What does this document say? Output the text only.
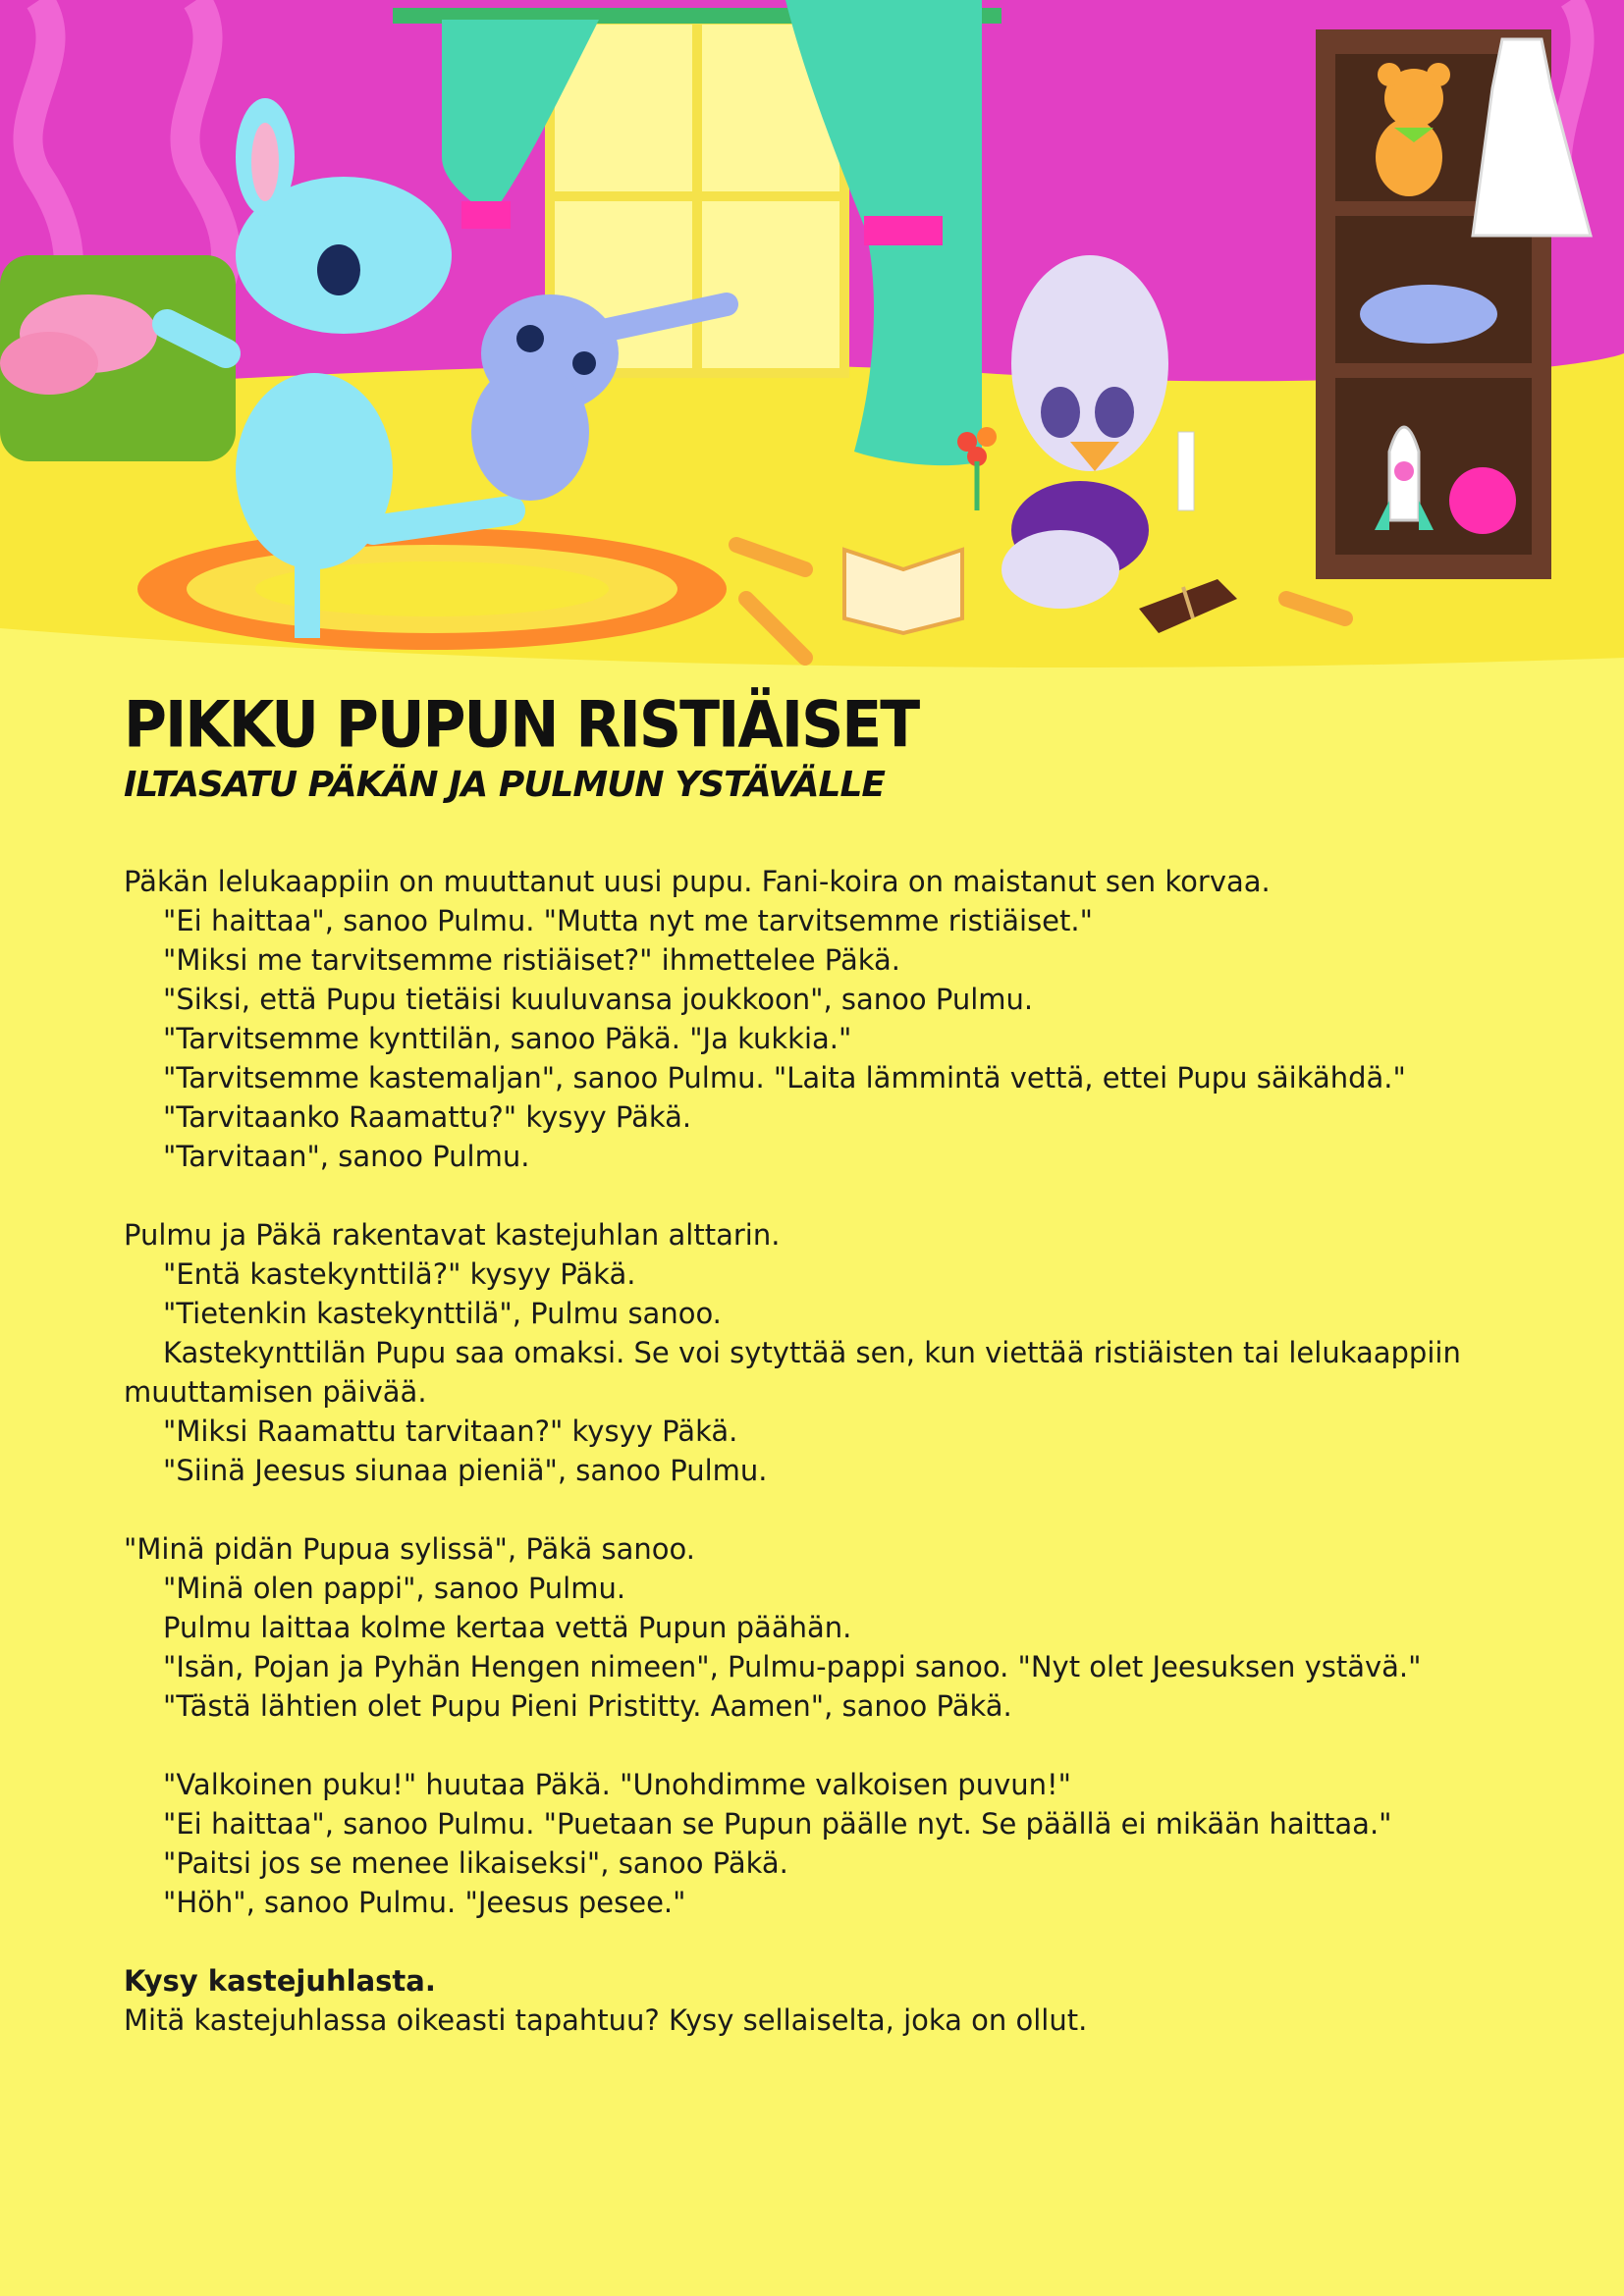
PIKKU PUPUN RISTIÄISET
ILTASATU PÄKÄN JA PULMUN YSTÄVÄLLE
Päkän lelukaappiin on muuttanut uusi pupu. Fani-koira on maistanut sen korvaa.
"Ei haittaa", sanoo Pulmu. "Mutta nyt me tarvitsemme ristiäiset."
"Miksi me tarvitsemme ristiäiset?" ihmettelee Päkä.
"Siksi, että Pupu tietäisi kuuluvansa joukkoon", sanoo Pulmu.
"Tarvitsemme kynttilän, sanoo Päkä. "Ja kukkia."
"Tarvitsemme kastemaljan", sanoo Pulmu. "Laita lämmintä vettä, ettei Pupu säikähdä."
"Tarvitaanko Raamattu?" kysyy Päkä.
"Tarvitaan", sanoo Pulmu.
Pulmu ja Päkä rakentavat kastejuhlan alttarin.
"Entä kastekynttilä?" kysyy Päkä.
"Tietenkin kastekynttilä", Pulmu sanoo.
Kastekynttilän Pupu saa omaksi. Se voi sytyttää sen, kun viettää ristiäisten tai lelukaappiin
muuttamisen päivää.
"Miksi Raamattu tarvitaan?" kysyy Päkä.
"Siinä Jeesus siunaa pieniä", sanoo Pulmu.
"Minä pidän Pupua sylissä", Päkä sanoo.
"Minä olen pappi", sanoo Pulmu.
Pulmu laittaa kolme kertaa vettä Pupun päähän.
"Isän, Pojan ja Pyhän Hengen nimeen", Pulmu-pappi sanoo. "Nyt olet Jeesuksen ystävä."
"Tästä lähtien olet Pupu Pieni Pristitty. Aamen", sanoo Päkä.
"Valkoinen puku!" huutaa Päkä. "Unohdimme valkoisen puvun!"
"Ei haittaa", sanoo Pulmu. "Puetaan se Pupun päälle nyt. Se päällä ei mikään haittaa."
"Paitsi jos se menee likaiseksi", sanoo Päkä.
"Höh", sanoo Pulmu. "Jeesus pesee."
Kysy kastejuhlasta.
Mitä kastejuhlassa oikeasti tapahtuu? Kysy sellaiselta, joka on ollut.
